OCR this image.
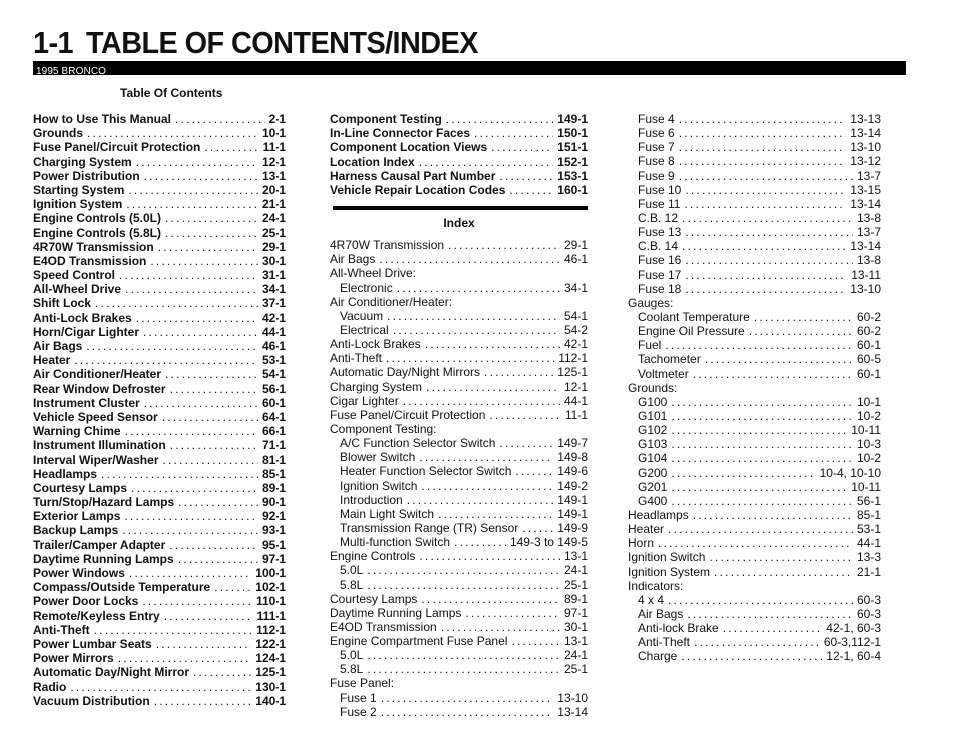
1-1 TABLE OF CONTENTS/INDEX
1995 BRONCO
Table Of Contents
How to Use This Manual .....	2-1
Grounds .....	10-1
Fuse Panel/Circuit Protection .....	11-1
Charging System .....	12-1
Power Distribution .....	13-1
Starting System .....	20-1
Ignition System .....	21-1
Engine Controls (5.0L) .....	24-1
Engine Controls (5.8L) .....	25-1
4R70W Transmission .....	29-1
E4OD Transmission .....	30-1
Speed Control .....	31-1
All-Wheel Drive .....	34-1
Shift Lock .....	37-1
Anti-Lock Brakes .....	42-1
Horn/Cigar Lighter .....	44-1
Air Bags .....	46-1
Heater .....	53-1
Air Conditioner/Heater .....	54-1
Rear Window Defroster .....	56-1
Instrument Cluster .....	60-1
Vehicle Speed Sensor .....	64-1
Warning Chime .....	66-1
Instrument Illumination .....	71-1
Interval Wiper/Washer .....	81-1
Headlamps .....	85-1
Courtesy Lamps .....	89-1
Turn/Stop/Hazard Lamps .....	90-1
Exterior Lamps .....	92-1
Backup Lamps .....	93-1
Trailer/Camper Adapter .....	95-1
Daytime Running Lamps .....	97-1
Power Windows .....	100-1
Compass/Outside Temperature .....	102-1
Power Door Locks .....	110-1
Remote/Keyless Entry .....	111-1
Anti-Theft .....	112-1
Power Lumbar Seats .....	122-1
Power Mirrors .....	124-1
Automatic Day/Night Mirror .....	125-1
Radio .....	130-1
Vacuum Distribution .....	140-1
Component Testing .....	149-1
In-Line Connector Faces .....	150-1
Component Location Views .....	151-1
Location Index .....	152-1
Harness Causal Part Number .....	153-1
Vehicle Repair Location Codes .....	160-1
Index
4R70W Transmission .....	29-1
Air Bags .....	46-1
All-Wheel Drive:
Electronic .....	34-1
Air Conditioner/Heater:
Vacuum .....	54-1
Electrical .....	54-2
Anti-Lock Brakes .....	42-1
Anti-Theft .....	112-1
Automatic Day/Night Mirrors .....	125-1
Charging System .....	12-1
Cigar Lighter .....	44-1
Fuse Panel/Circuit Protection .....	11-1
Component Testing:
A/C Function Selector Switch .....	149-7
Blower Switch .....	149-8
Heater Function Selector Switch .....	149-6
Ignition Switch .....	149-2
Introduction .....	149-1
Main Light Switch .....	149-1
Transmission Range (TR) Sensor .....	149-9
Multi-function Switch .....	149-3 to 149-5
Engine Controls .....	13-1
5.0L .....	24-1
5.8L .....	25-1
Courtesy Lamps .....	89-1
Daytime Running Lamps .....	97-1
E4OD Transmission .....	30-1
Engine Compartment Fuse Panel .....	13-1
5.0L .....	24-1
5.8L .....	25-1
Fuse Panel:
Fuse 1 .....	13-10
Fuse 2 .....	13-14
Fuse 4 .....	13-13
Fuse 6 .....	13-14
Fuse 7 .....	13-10
Fuse 8 .....	13-12
Fuse 9 .....	13-7
Fuse 10 .....	13-15
Fuse 11 .....	13-14
C.B. 12 .....	13-8
Fuse 13 .....	13-7
C.B. 14 .....	13-14
Fuse 16 .....	13-8
Fuse 17 .....	13-11
Fuse 18 .....	13-10
Gauges:
Coolant Temperature .....	60-2
Engine Oil Pressure .....	60-2
Fuel .....	60-1
Tachometer .....	60-5
Voltmeter .....	60-1
Grounds:
G100 .....	10-1
G101 .....	10-2
G102 .....	10-11
G103 .....	10-3
G104 .....	10-2
G200 .....	10-4, 10-10
G201 .....	10-11
G400 .....	56-1
Headlamps .....	85-1
Heater .....	53-1
Horn .....	44-1
Ignition Switch .....	13-3
Ignition System .....	21-1
Indicators:
4 x 4 .....	60-3
Air Bags .....	60-3
Anti-lock Brake .....	42-1, 60-3
Anti-Theft .....	60-3,112-1
Charge .....	12-1, 60-4
